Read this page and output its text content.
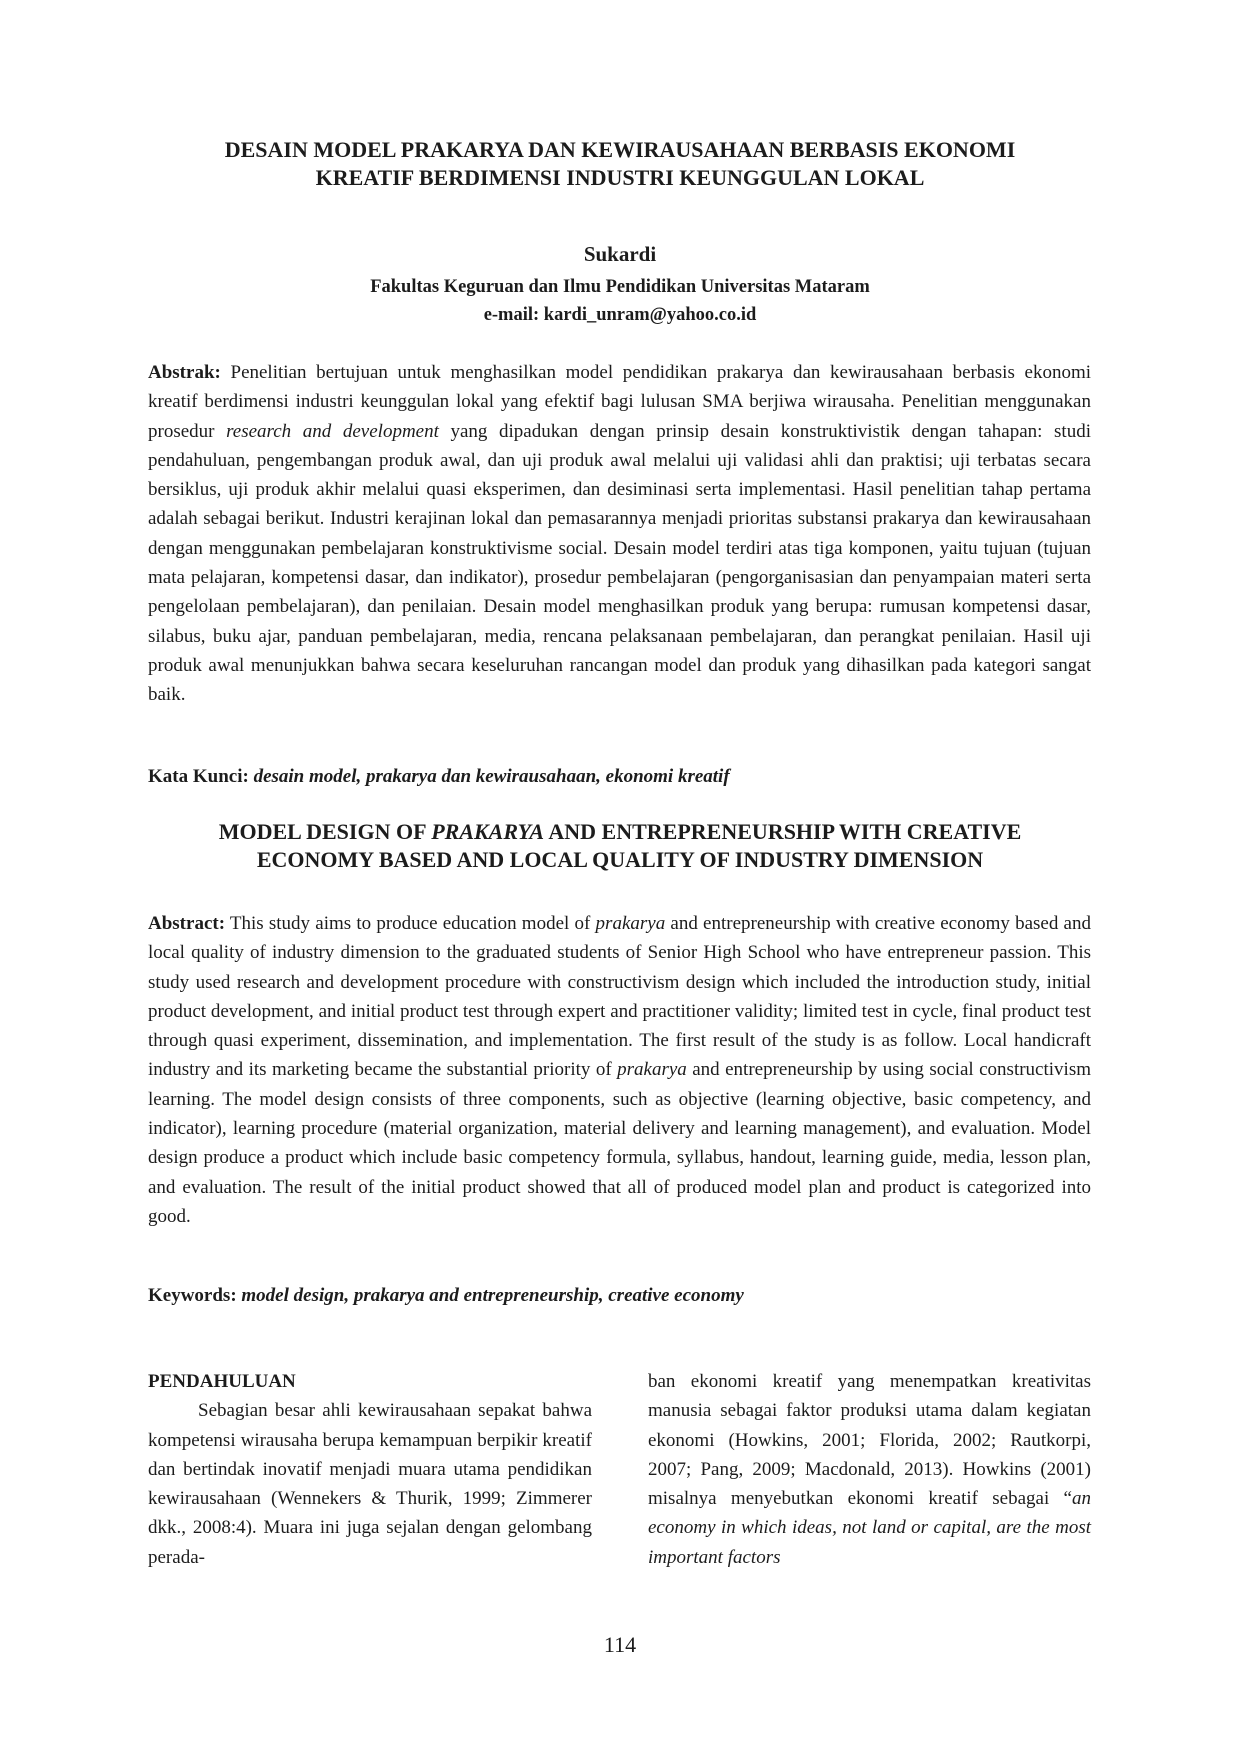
DESAIN MODEL PRAKARYA DAN KEWIRAUSAHAAN BERBASIS EKONOMI
KREATIF BERDIMENSI INDUSTRI KEUNGGULAN LOKAL
Sukardi
Fakultas Keguruan dan Ilmu Pendidikan Universitas Mataram
e-mail: kardi_unram@yahoo.co.id
Abstrak: Penelitian bertujuan untuk menghasilkan model pendidikan prakarya dan kewirausahaan berbasis ekonomi kreatif berdimensi industri keunggulan lokal yang efektif bagi lulusan SMA berjiwa wirausaha. Penelitian menggunakan prosedur research and development yang dipadukan dengan prinsip desain konstruktivistik dengan tahapan: studi pendahuluan, pengembangan produk awal, dan uji produk awal melalui uji validasi ahli dan praktisi; uji terbatas secara bersiklus, uji produk akhir melalui quasi eksperimen, dan desiminasi serta implementasi. Hasil penelitian tahap pertama adalah sebagai berikut. Industri kerajinan lokal dan pemasarannya menjadi prioritas substansi prakarya dan kewirausahaan dengan menggunakan pembelajaran konstruktivisme social. Desain model terdiri atas tiga komponen, yaitu tujuan (tujuan mata pelajaran, kompetensi dasar, dan indikator), prosedur pembelajaran (pengorganisasian dan penyampaian materi serta pengelolaan pembelajaran), dan penilaian. Desain model menghasilkan produk yang berupa: rumusan kompetensi dasar, silabus, buku ajar, panduan pembelajaran, media, rencana pelaksanaan pembelajaran, dan perangkat penilaian. Hasil uji produk awal menunjukkan bahwa secara keseluruhan rancangan model dan produk yang dihasilkan pada kategori sangat baik.
Kata Kunci: desain model, prakarya dan kewirausahaan, ekonomi kreatif
MODEL DESIGN OF PRAKARYA AND ENTREPRENEURSHIP WITH CREATIVE
ECONOMY BASED AND LOCAL QUALITY OF INDUSTRY DIMENSION
Abstract: This study aims to produce education model of prakarya and entrepreneurship with creative economy based and local quality of industry dimension to the graduated students of Senior High School who have entrepreneur passion. This study used research and development procedure with constructivism design which included the introduction study, initial product development, and initial product test through expert and practitioner validity; limited test in cycle, final product test through quasi experiment, dissemination, and implementation. The first result of the study is as follow. Local handicraft industry and its marketing became the substantial priority of prakarya and entrepreneurship by using social constructivism learning. The model design consists of three components, such as objective (learning objective, basic competency, and indicator), learning procedure (material organization, material delivery and learning management), and evaluation. Model design produce a product which include basic competency formula, syllabus, handout, learning guide, media, lesson plan, and evaluation. The result of the initial product showed that all of produced model plan and product is categorized into good.
Keywords: model design, prakarya and entrepreneurship, creative economy
PENDAHULUAN

Sebagian besar ahli kewirausahaan sepakat bahwa kompetensi wirausaha berupa kemampuan berpikir kreatif dan bertindak inovatif menjadi muara utama pendidikan kewirausahaan (Wennekers & Thurik, 1999; Zimmerer dkk., 2008:4). Muara ini juga sejalan dengan gelombang perada-

ban ekonomi kreatif yang menempatkan kreativitas manusia sebagai faktor produksi utama dalam kegiatan ekonomi (Howkins, 2001; Florida, 2002; Rautkorpi, 2007; Pang, 2009; Macdonald, 2013). Howkins (2001) misalnya menyebutkan ekonomi kreatif sebagai “an economy in which ideas, not land or capital, are the most important factors

114
